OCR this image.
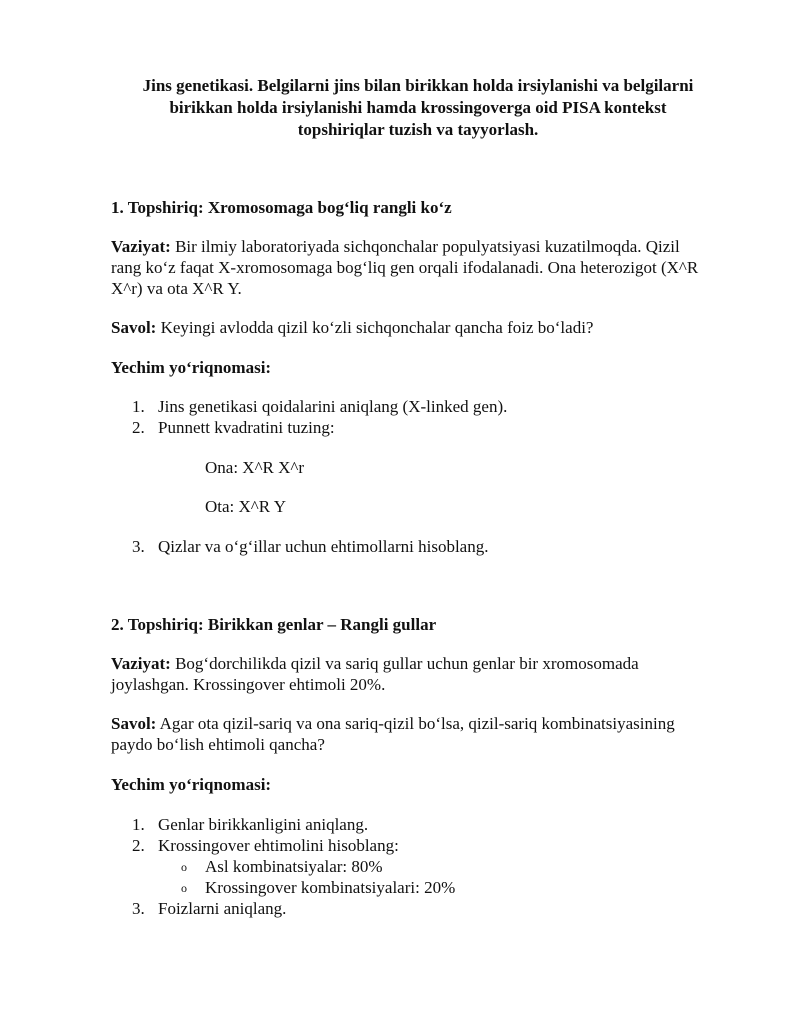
Jins genetikasi. Belgilarni jins bilan birikkan holda irsiylanishi va belgilarni
birikkan holda irsiylanishi hamda krossingoverga oid PISA kontekst
topshiriqlar tuzish va tayyorlash.
1. Topshiriq: Xromosomaga bog‘liq rangli ko‘z
Vaziyat: Bir ilmiy laboratoriyada sichqonchalar populyatsiyasi kuzatilmoqda. Qizil
rang ko‘z faqat X-xromosomaga bog‘liq gen orqali ifodalanadi. Ona heterozigot (X^R
X^r) va ota X^R Y.
Savol: Keyingi avlodda qizil ko‘zli sichqonchalar qancha foiz bo‘ladi?
Yechim yo‘riqnomasi:
1. Jins genetikasi qoidalarini aniqlang (X-linked gen).
2. Punnett kvadratini tuzing:
Ona: X^R X^r
Ota: X^R Y
3. Qizlar va o‘g‘illar uchun ehtimollarni hisoblang.
2. Topshiriq: Birikkan genlar – Rangli gullar
Vaziyat: Bog‘dorchilikda qizil va sariq gullar uchun genlar bir xromosomada
joylashgan. Krossingover ehtimoli 20%.
Savol: Agar ota qizil-sariq va ona sariq-qizil bo‘lsa, qizil-sariq kombinatsiyasining
paydo bo‘lish ehtimoli qancha?
Yechim yo‘riqnomasi:
1. Genlar birikkanligini aniqlang.
2. Krossingover ehtimolini hisoblang:
o Asl kombinatsiyalar: 80%
o Krossingover kombinatsiyalari: 20%
3. Foizlarni aniqlang.
